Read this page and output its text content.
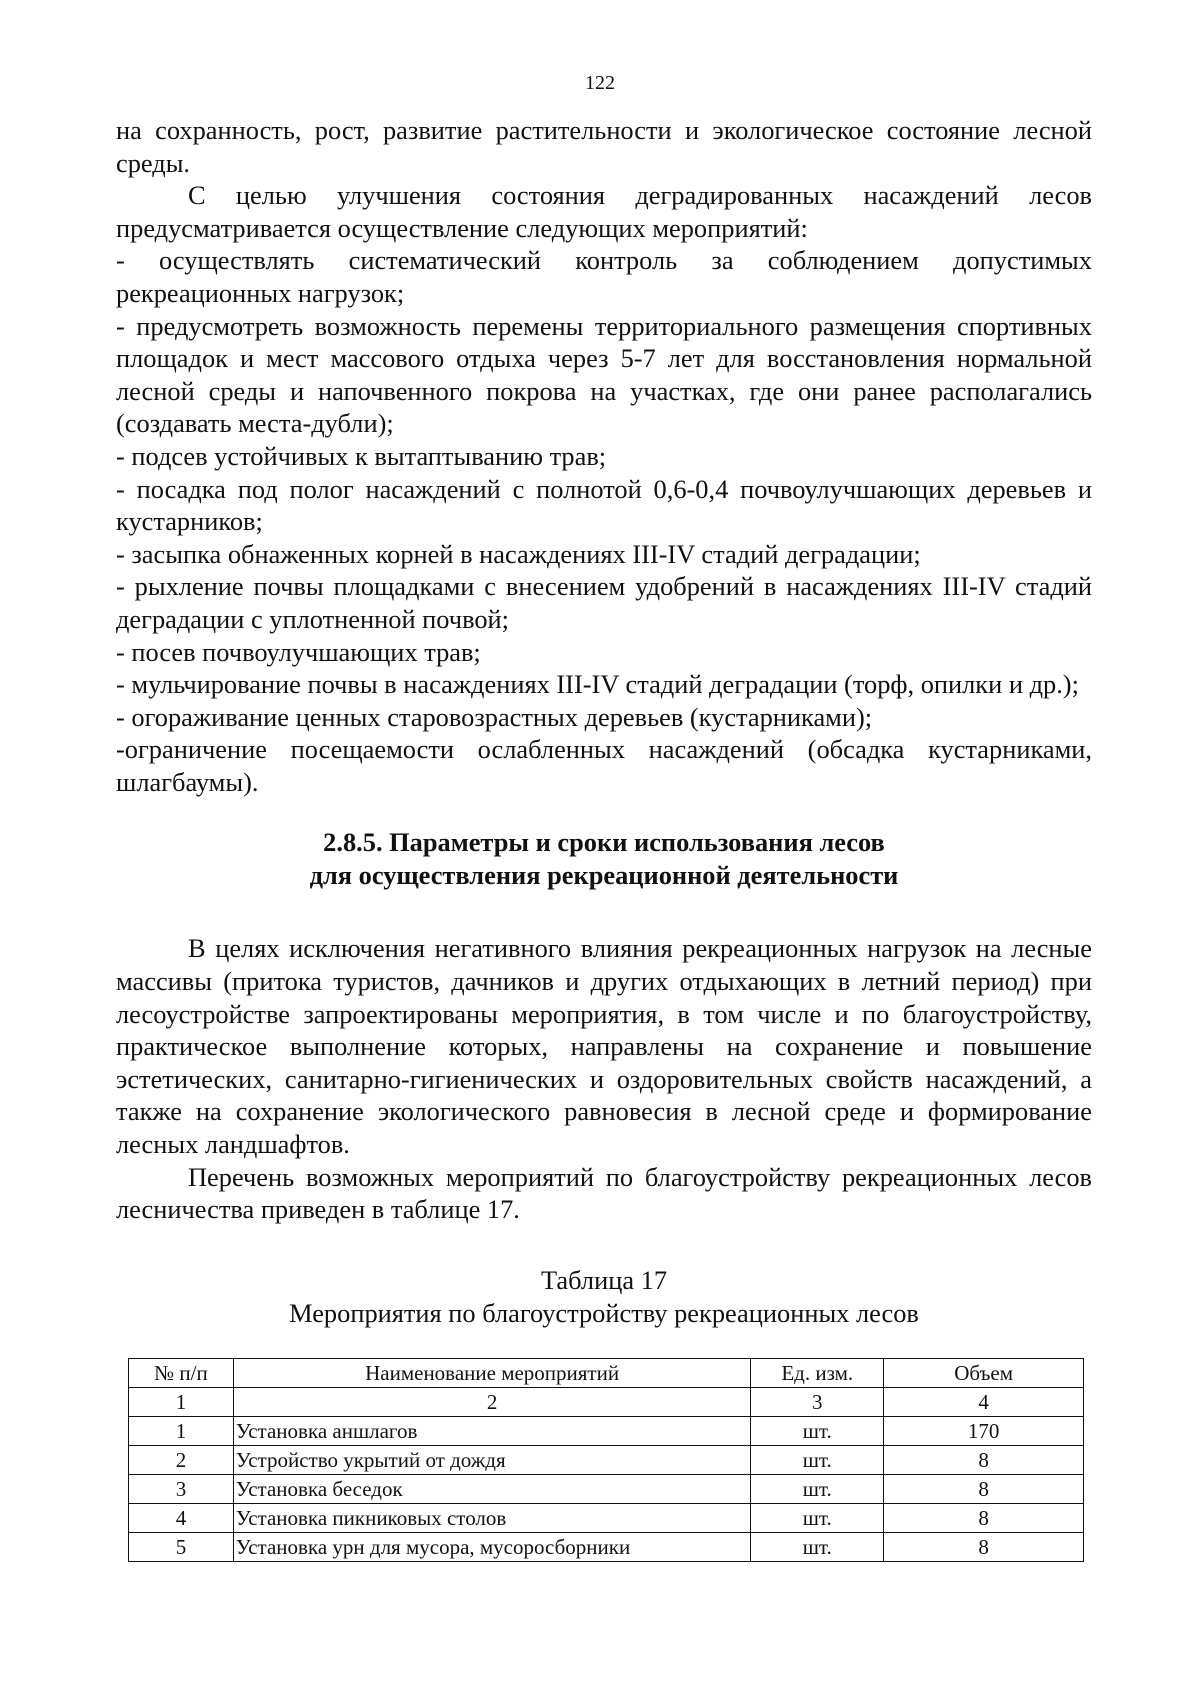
122

на сохранность, рост, развитие растительности и экологическое состояние лесной среды.

С целью улучшения состояния деградированных насаждений лесов предусматривается осуществление следующих мероприятий:

- осуществлять систематический контроль за соблюдением допустимых рекреационных нагрузок;

- предусмотреть возможность перемены территориального размещения спортивных площадок и мест массового отдыха через 5-7 лет для восстановления нормальной лесной среды и напочвенного покрова на участках, где они ранее располагались (создавать места-дубли);

- подсев устойчивых к вытаптыванию трав;

- посадка под полог насаждений с полнотой 0,6-0,4 почвоулучшающих деревьев и кустарников;

- засыпка обнаженных корней в насаждениях III-IV стадий деградации;

- рыхление почвы площадками с внесением удобрений в насаждениях III-IV стадий деградации с уплотненной почвой;

- посев почвоулучшающих трав;

- мульчирование почвы в насаждениях III-IV стадий деградации (торф, опилки и др.);

- огораживание ценных старовозрастных деревьев (кустарниками);

-ограничение посещаемости ослабленных насаждений (обсадка кустарниками, шлагбаумы).

2.8.5. Параметры и сроки использования лесов
для осуществления рекреационной деятельности

В целях исключения негативного влияния рекреационных нагрузок на лесные массивы (притока туристов, дачников и других отдыхающих в летний период) при лесоустройстве запроектированы мероприятия, в том числе и по благоустройству, практическое выполнение которых, направлены на сохранение и повышение эстетических, санитарно-гигиенических и оздоровительных свойств насаждений, а также на сохранение экологического равновесия в лесной среде и формирование лесных ландшафтов.

Перечень возможных мероприятий по благоустройству рекреационных лесов лесничества приведен в таблице 17.

Таблица 17
Мероприятия по благоустройству рекреационных лесов
№ п/п	Наименование мероприятий	Ед. изм.	Объем
1	2	3	4
1	Установка аншлагов	шт.	170
2	Устройство укрытий от дождя	шт.	8
3	Установка беседок	шт.	8
4	Установка пикниковых столов	шт.	8
5	Установка урн для мусора, мусоросборники	шт.	8
